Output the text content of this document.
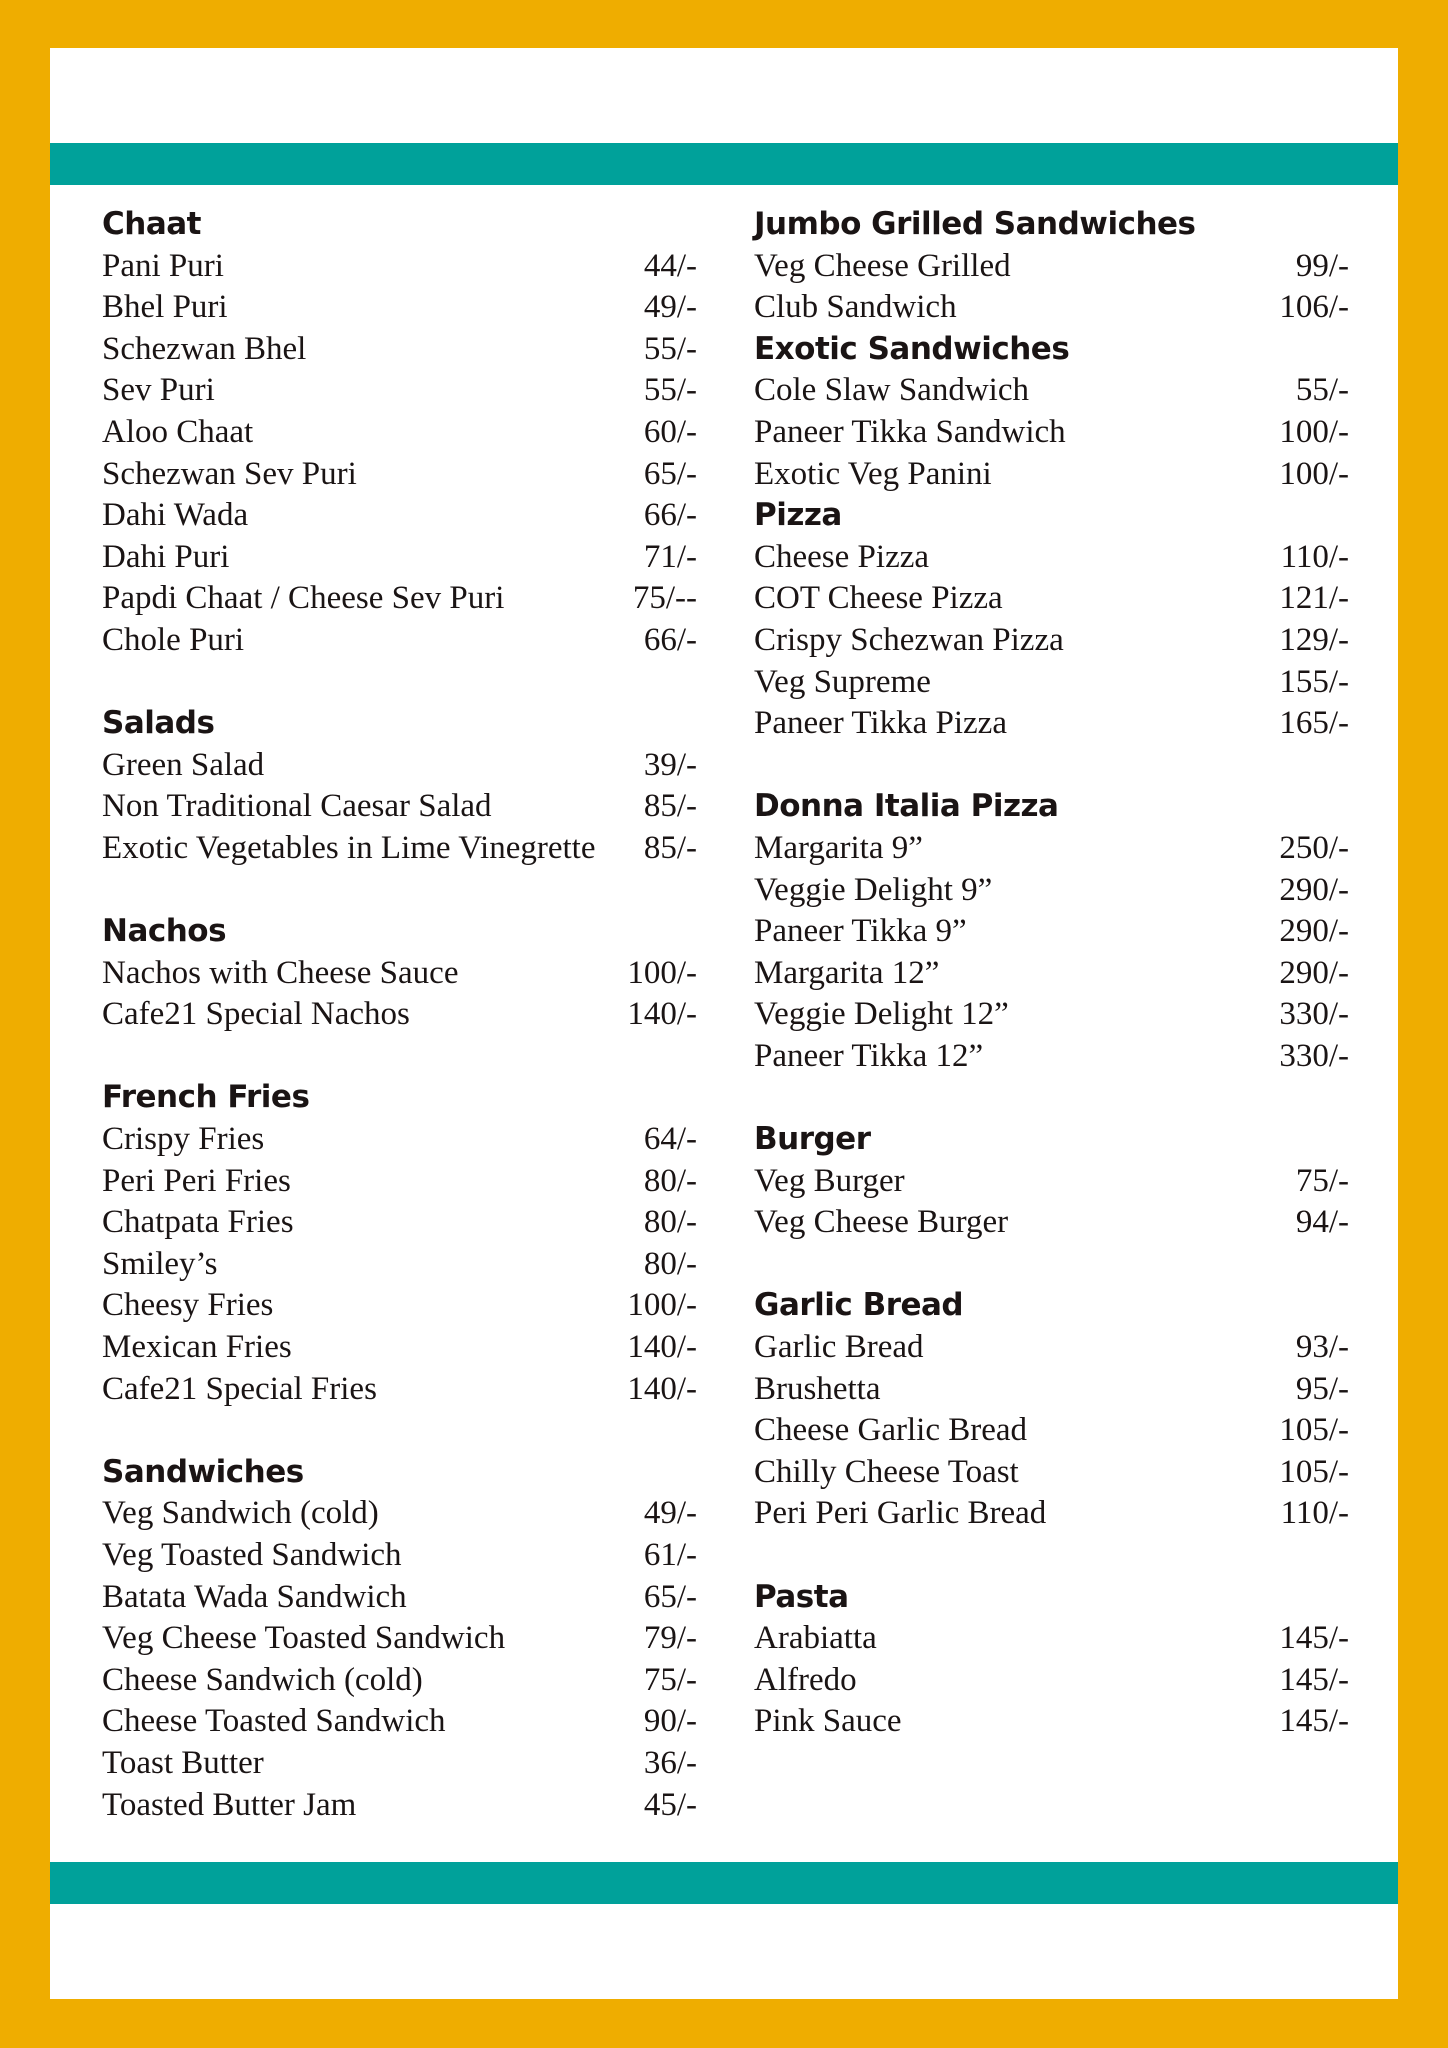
Chaat
Pani Puri	44/-
Bhel Puri	49/-
Schezwan Bhel	55/-
Sev Puri	55/-
Aloo Chaat	60/-
Schezwan Sev Puri	65/-
Dahi Wada	66/-
Dahi Puri	71/-
Papdi Chaat / Cheese Sev Puri	75/--
Chole Puri	66/-
Salads
Green Salad	39/-
Non Traditional Caesar Salad	85/-
Exotic Vegetables in Lime Vinegrette	85/-
Nachos
Nachos with Cheese Sauce	100/-
Cafe21 Special Nachos	140/-
French Fries
Crispy Fries	64/-
Peri Peri Fries	80/-
Chatpata Fries	80/-
Smiley’s	80/-
Cheesy Fries	100/-
Mexican Fries	140/-
Cafe21 Special Fries	140/-
Sandwiches
Veg Sandwich (cold)	49/-
Veg Toasted Sandwich	61/-
Batata Wada Sandwich	65/-
Veg Cheese Toasted Sandwich	79/-
Cheese Sandwich (cold)	75/-
Cheese Toasted Sandwich	90/-
Toast Butter	36/-
Toasted Butter Jam	45/-
Jumbo Grilled Sandwiches
Veg Cheese Grilled	99/-
Club Sandwich	106/-
Exotic Sandwiches
Cole Slaw Sandwich	55/-
Paneer Tikka Sandwich	100/-
Exotic Veg Panini	100/-
Pizza
Cheese Pizza	110/-
COT Cheese Pizza	121/-
Crispy Schezwan Pizza	129/-
Veg Supreme	155/-
Paneer Tikka Pizza	165/-
Donna Italia Pizza
Margarita 9”	250/-
Veggie Delight 9”	290/-
Paneer Tikka 9”	290/-
Margarita 12”	290/-
Veggie Delight 12”	330/-
Paneer Tikka 12”	330/-
Burger
Veg Burger	75/-
Veg Cheese Burger	94/-
Garlic Bread
Garlic Bread	93/-
Brushetta	95/-
Cheese Garlic Bread	105/-
Chilly Cheese Toast	105/-
Peri Peri Garlic Bread	110/-
Pasta
Arabiatta	145/-
Alfredo	145/-
Pink Sauce	145/-
